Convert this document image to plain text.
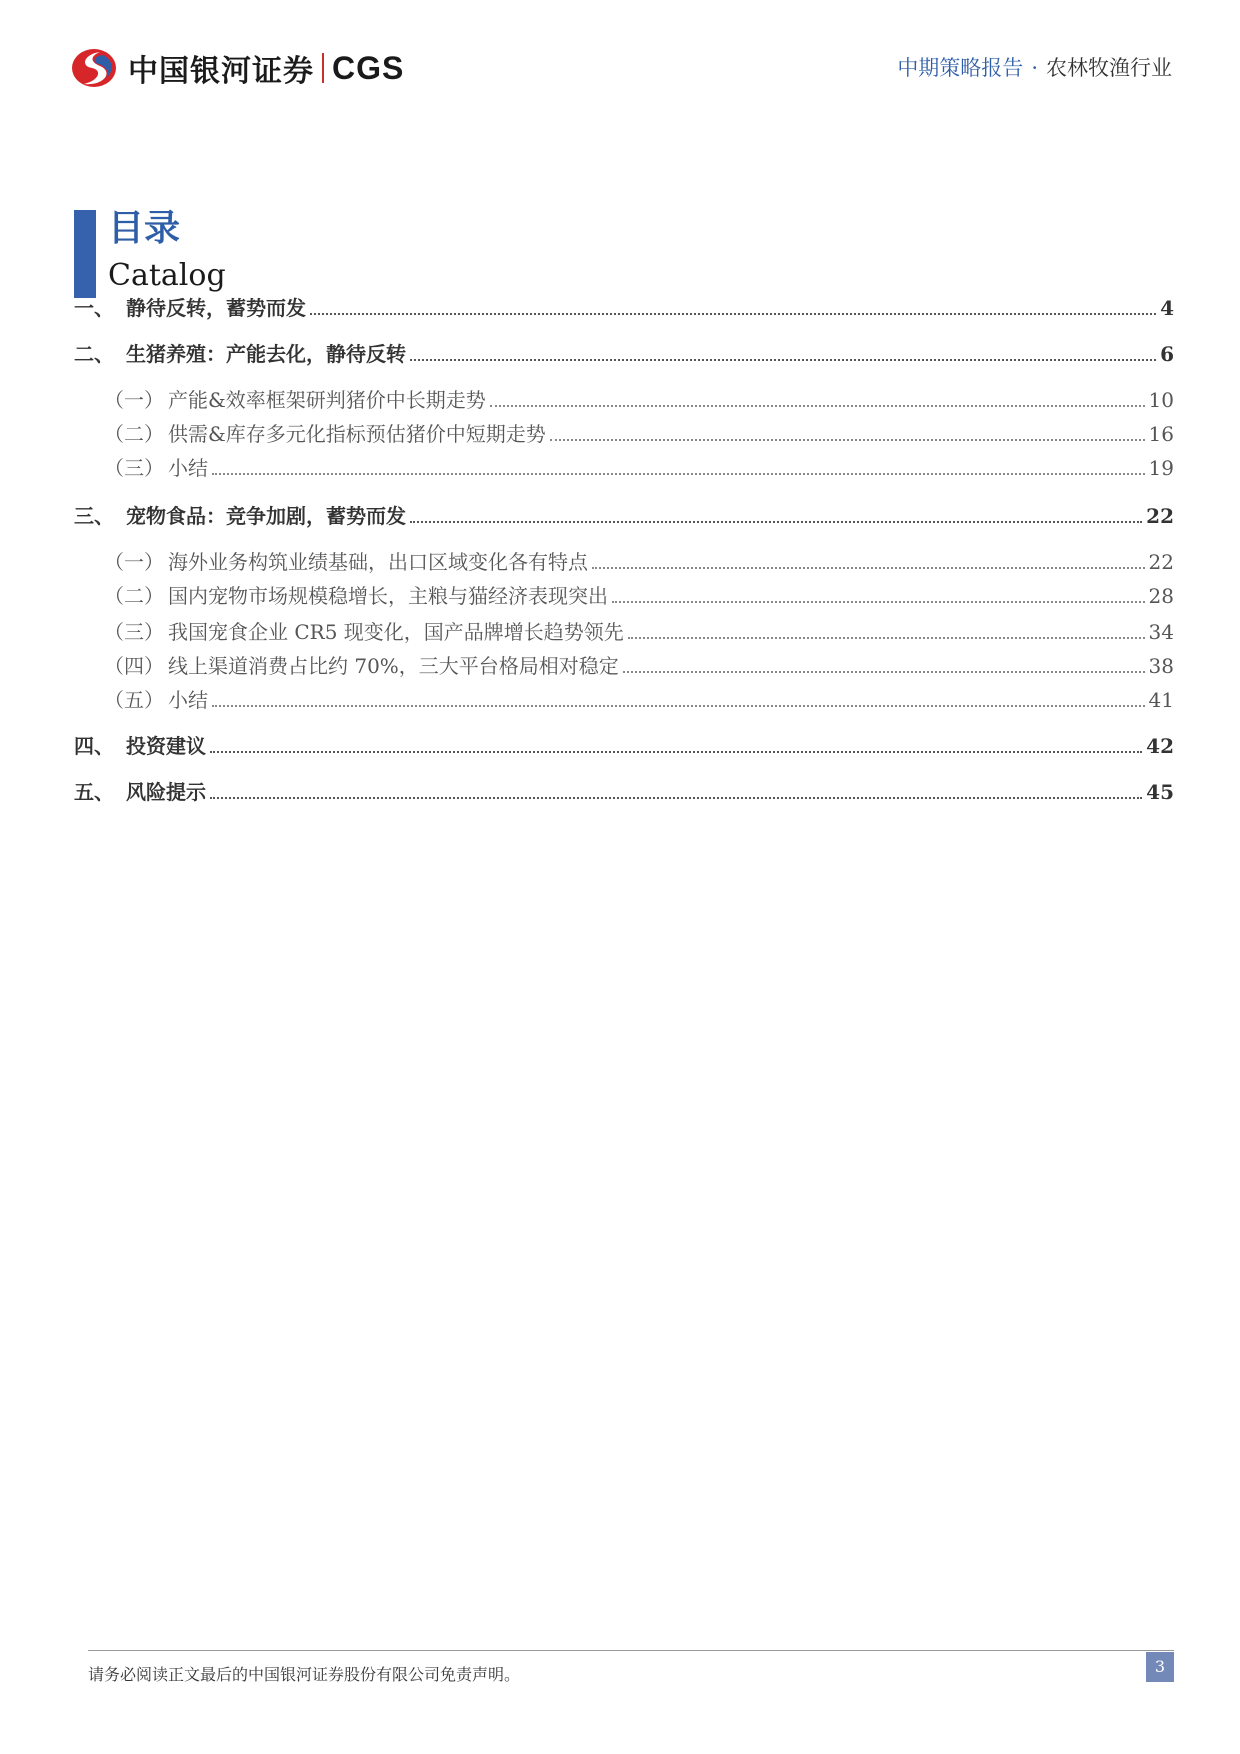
中国银河证券 CGS	中期策略报告 · 农林牧渔行业
目录
Catalog
一、 静待反转，蓄势而发	4
二、 生猪养殖：产能去化，静待反转	6
（一） 产能&效率框架研判猪价中长期走势	10
（二） 供需&库存多元化指标预估猪价中短期走势	16
（三） 小结	19
三、 宠物食品：竞争加剧，蓄势而发	22
（一） 海外业务构筑业绩基础，出口区域变化各有特点	22
（二） 国内宠物市场规模稳增长，主粮与猫经济表现突出	28
（三） 我国宠食企业 CR5 现变化，国产品牌增长趋势领先	34
（四） 线上渠道消费占比约 70%，三大平台格局相对稳定	38
（五） 小结	41
四、 投资建议	42
五、 风险提示	45
请务必阅读正文最后的中国银河证券股份有限公司免责声明。	3
